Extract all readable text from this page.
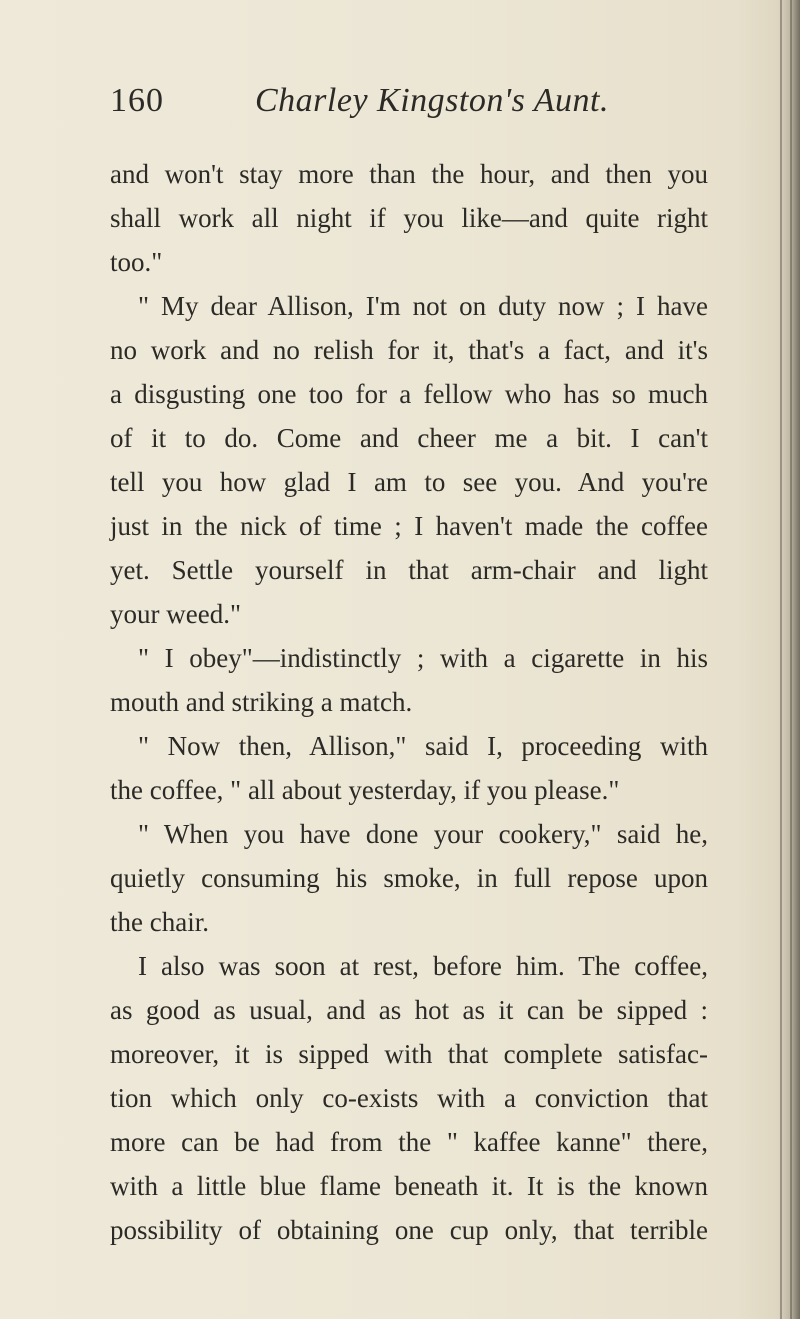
160	Charley Kingston's Aunt.
and won't stay more than the hour, and then you
shall work all night if you like—and quite right
too."
" My dear Allison, I'm not on duty now ; I have
no work and no relish for it, that's a fact, and it's
a disgusting one too for a fellow who has so much
of it to do. Come and cheer me a bit. I can't
tell you how glad I am to see you. And you're
just in the nick of time ; I haven't made the coffee
yet. Settle yourself in that arm-chair and light
your weed."
" I obey"—indistinctly ; with a cigarette in his
mouth and striking a match.
" Now then, Allison," said I, proceeding with
the coffee, " all about yesterday, if you please."
" When you have done your cookery," said he,
quietly consuming his smoke, in full repose upon
the chair.
I also was soon at rest, before him. The coffee,
as good as usual, and as hot as it can be sipped :
moreover, it is sipped with that complete satisfac-
tion which only co-exists with a conviction that
more can be had from the " kaffee kanne" there,
with a little blue flame beneath it. It is the known
possibility of obtaining one cup only, that terrible
